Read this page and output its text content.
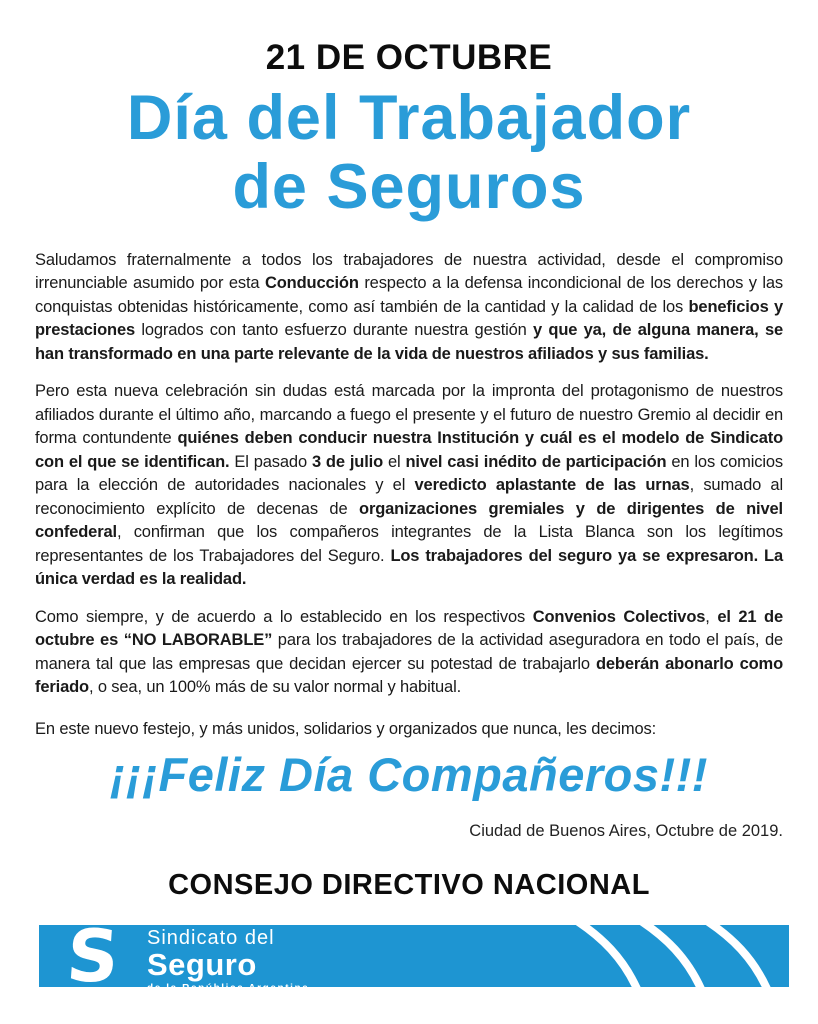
21 DE OCTUBRE
Día del Trabajador
de Seguros

Saludamos fraternalmente a todos los trabajadores de nuestra actividad, desde el compromiso irrenunciable asumido por esta Conducción respecto a la defensa incondicional de los derechos y las conquistas obtenidas históricamente, como así también de la cantidad y la calidad de los beneficios y prestaciones logrados con tanto esfuerzo durante nuestra gestión y que ya, de alguna manera, se han transformado en una parte relevante de la vida de nuestros afiliados y sus familias.

Pero esta nueva celebración sin dudas está marcada por la impronta del protagonismo de nuestros afiliados durante el último año, marcando a fuego el presente y el futuro de nuestro Gremio al decidir en forma contundente quiénes deben conducir nuestra Institución y cuál es el modelo de Sindicato con el que se identifican. El pasado 3 de julio el nivel casi inédito de participación en los comicios para la elección de autoridades nacionales y el veredicto aplastante de las urnas, sumado al reconocimiento explícito de decenas de organizaciones gremiales y de dirigentes de nivel confederal, confirman que los compañeros integrantes de la Lista Blanca son los legítimos representantes de los Trabajadores del Seguro. Los trabajadores del seguro ya se expresaron. La única verdad es la realidad.

Como siempre, y de acuerdo a lo establecido en los respectivos Convenios Colectivos, el 21 de octubre es “NO LABORABLE” para los trabajadores de la actividad aseguradora en todo el país, de manera tal que las empresas que decidan ejercer su potestad de trabajarlo deberán abonarlo como feriado, o sea, un 100% más de su valor normal y habitual.

En este nuevo festejo, y más unidos, solidarios y organizados que nunca, les decimos:

¡¡¡Feliz Día Compañeros!!!
Ciudad de Buenos Aires, Octubre de 2019.
CONSEJO DIRECTIVO NACIONAL
S Sindicato del
Seguro
de la República Argentina
